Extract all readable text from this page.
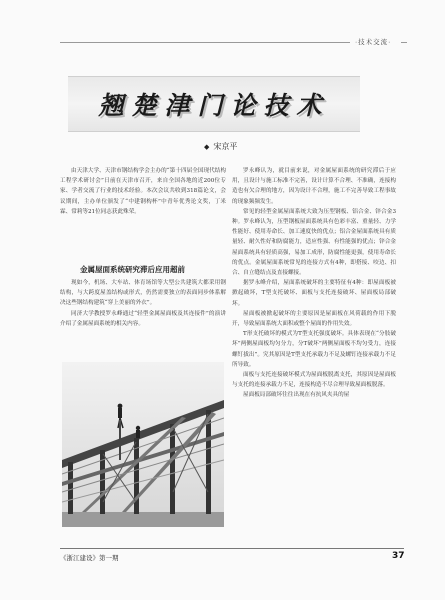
·技术交流·
翘楚津门论技术
◆ 宋京平

由天津大学、天津市钢结构学会主办的“第十四届全国现代结构工程学术研讨会”日前在天津市召开，来自全国各地的近200位专家、学者交流了行业的技术经验。本次会议共收到318篇论文，会议期间，主办单位颁发了“中建钢构杯”中青年优秀论文奖，丁米霖、常莉等21位同志获此殊荣。

金属屋面系统研究滞后应用超前

现如今，机场、大车站、体育场馆等大型公共建筑大都采用钢结构，与大跨度屋盖结构或形式，仍然需要独立的表面同步体系解决这些钢结构建筑“穿上美丽的外衣”。

同济大学教授罗永峰通过“轻型金属屋面板及其连接件”的演讲介绍了金属屋面系统的相关内容。

罗永峰认为，就目前来说，对金属屋面系统的研究滞后于应用，且设计与施工标准不完善，设计计算不合理、不准确，连接构造也有欠合理的地方，因为设计不合理，施工不完善导致工程事故的现象频频发生。

常见的轻型金属屋面系统大致为压型钢板、铝合金、锌合金3种。罗永峰认为，压型钢板屋面系统具有色彩丰富、重量轻、力学性能好、使用寿命长、加工速度快的优点；铝合金屋面系统具有质量轻、耐久性好和防腐能力，适应性强、有性能强的优点；锌合金屋面系统具有轻质高强，易加工成形，防腐性能更强，使用寿命长的优点。金属屋面系统常见的连接方式有4种，即搭接、咬边、扣合、自立缝结点及直接螺接。

据罗永峰介绍，屋面系统破坏的主要特征有4种：即屋面板被掀起破坏，T型支托破坏、面板与支托连接破坏、屋面板局部破坏。

屋面板被掀起破坏的主要原因是屋面板在风荷载的作用下脱开，导致屋面系统大面积或整个屋面的作用失效。

T形支托破坏的模式为T型支托强度破坏。具体表现在“分肢破坏”两侧屋面板均匀分力，分T破坏”两侧屋面板不均匀受力，连接螺钉拔出”。究其原因是T型支托承载力不足及螺钉连接承载力不足所导致。

面板与支托连接破坏模式为屋面板脱离支托，其原因是屋面板与支托的连接承载力不足，连接构造不尽合理导致屋面板脱落。

屋面板局部破坏往往出现在有抗风夹具的屋

《浙江建设》第一期	37
